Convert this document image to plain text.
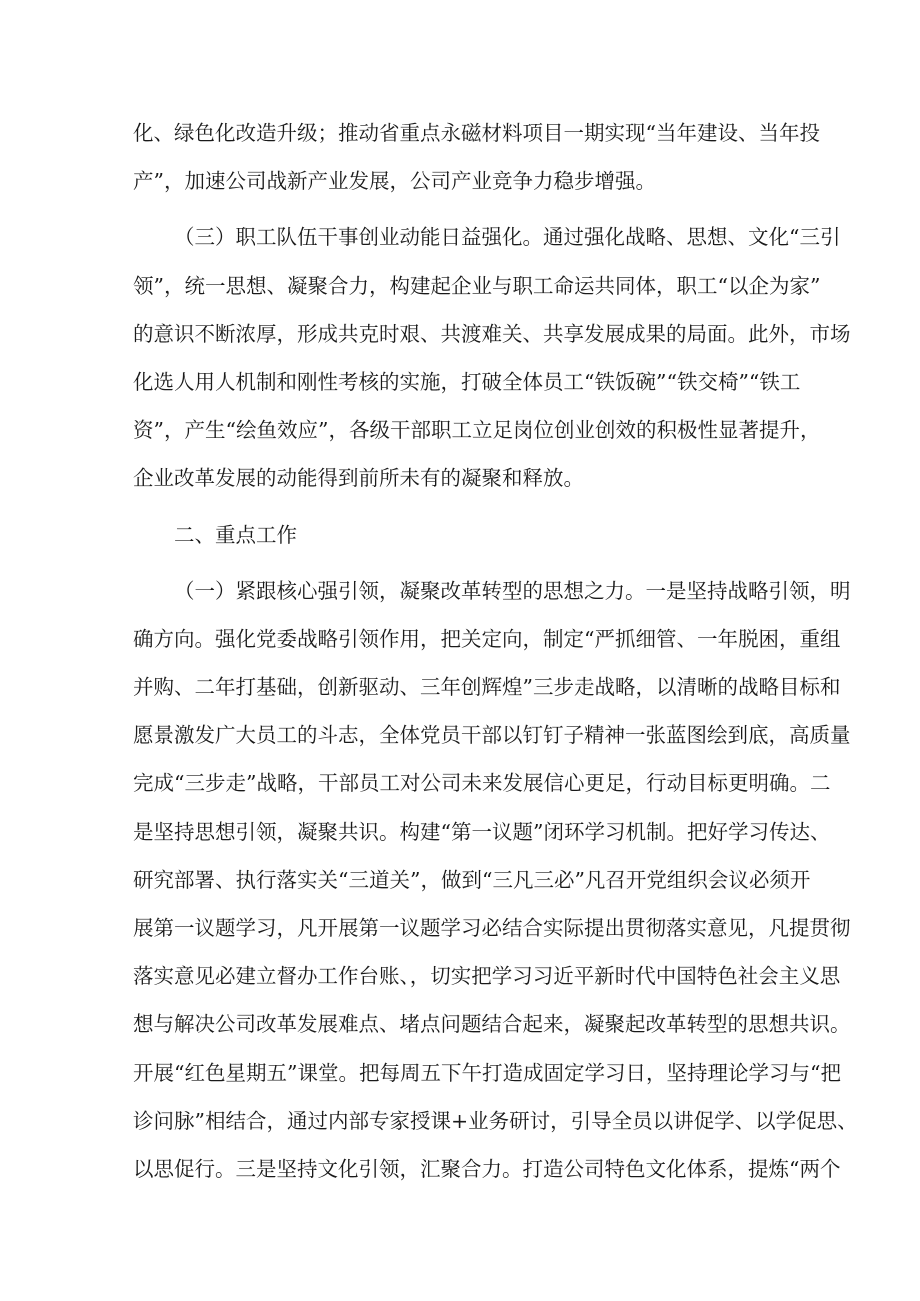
化、绿色化改造升级；推动省重点永磁材料项目一期实现“当年建设、当年投
产”，加速公司战新产业发展，公司产业竞争力稳步增强。
（三）职工队伍干事创业动能日益强化。通过强化战略、思想、文化“三引
领”，统一思想、凝聚合力，构建起企业与职工命运共同体，职工“以企为家”
的意识不断浓厚，形成共克时艰、共渡难关、共享发展成果的局面。此外，市场
化选人用人机制和刚性考核的实施，打破全体员工“铁饭碗”“铁交椅”“铁工
资”，产生“绘鱼效应”，各级干部职工立足岗位创业创效的积极性显著提升，
企业改革发展的动能得到前所未有的凝聚和释放。
二、重点工作
（一）紧跟核心强引领，凝聚改革转型的思想之力。一是坚持战略引领，明
确方向。强化党委战略引领作用，把关定向，制定“严抓细管、一年脱困，重组
并购、二年打基础，创新驱动、三年创辉煌”三步走战略，以清晰的战略目标和
愿景激发广大员工的斗志，全体党员干部以钉钉子精神一张蓝图绘到底，高质量
完成“三步走”战略，干部员工对公司未来发展信心更足，行动目标更明确。二
是坚持思想引领，凝聚共识。构建“第一议题”闭环学习机制。把好学习传达、
研究部署、执行落实关“三道关”，做到“三凡三必”凡召开党组织会议必须开
展第一议题学习，凡开展第一议题学习必结合实际提出贯彻落实意见，凡提贯彻
落实意见必建立督办工作台账、，切实把学习习近平新时代中国特色社会主义思
想与解决公司改革发展难点、堵点问题结合起来，凝聚起改革转型的思想共识。
开展“红色星期五”课堂。把每周五下午打造成固定学习日，坚持理论学习与“把
诊问脉”相结合，通过内部专家授课+业务研讨，引导全员以讲促学、以学促思、
以思促行。三是坚持文化引领，汇聚合力。打造公司特色文化体系，提炼“两个
